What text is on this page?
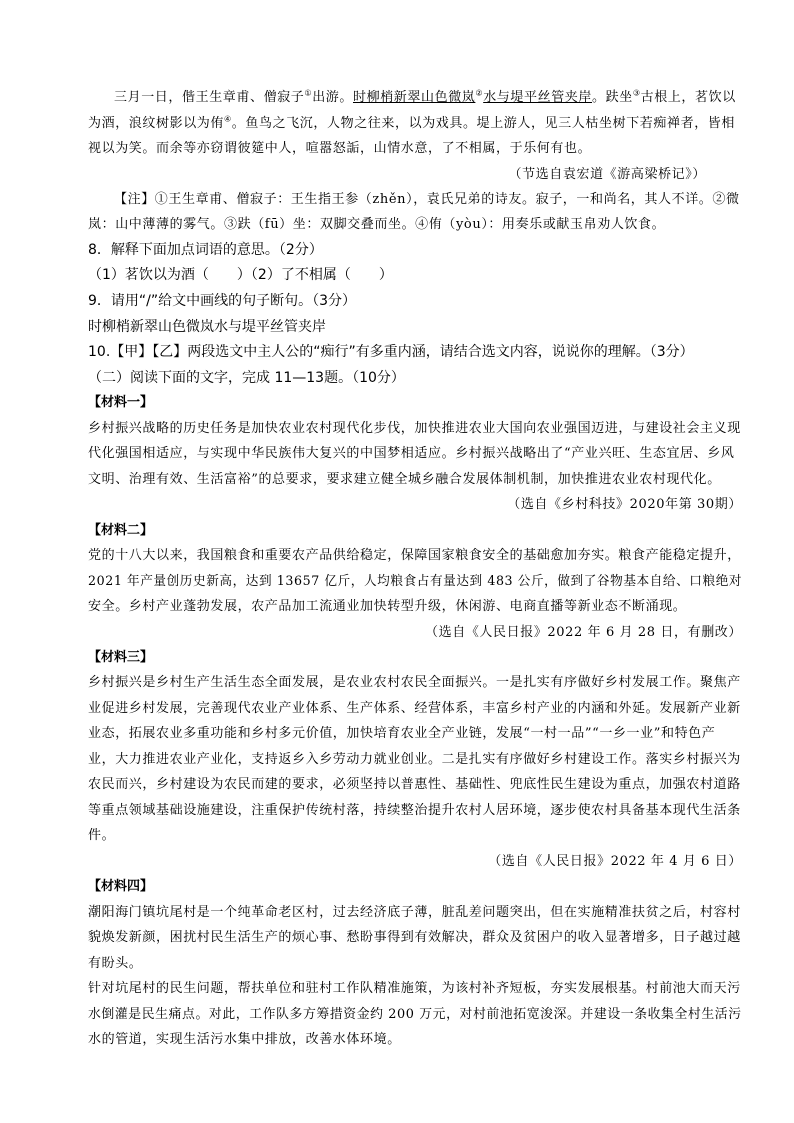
三月一日，偕王生章甫、僧寂子①出游。时柳梢新翠山色微岚②水与堤平丝管夹岸。趺坐③古根上，茗饮以
为酒，浪纹树影以为侑④。鱼鸟之飞沉，人物之往来，以为戏具。堤上游人，见三人枯坐树下若痴禅者，皆相
视以为笑。而余等亦窃谓彼筵中人，喧嚣怒詬，山情水意，了不相属，于乐何有也。
（节选自袁宏道《游高梁桥记》）
【注】①王生章甫、僧寂子：王生指王参（zhěn），袁氏兄弟的诗友。寂子，一和尚名，其人不详。②微
岚：山中薄薄的雾气。③趺（fū）坐：双脚交叠而坐。④侑（yòu）：用奏乐或献玉帛劝人饮食。
8．解释下面加点词语的意思。（2分）
（1）茗饮以为酒（　　）（2）了不相属（　　）
9．请用“/”给文中画线的句子断句。（3分）
时柳梢新翠山色微岚水与堤平丝管夹岸
10.【甲】【乙】两段选文中主人公的“痴行”有多重内涵，请结合选文内容，说说你的理解。（3分）
（二）阅读下面的文字，完成 11—13题。（10分）
【材料一】
乡村振兴战略的历史任务是加快农业农村现代化步伐，加快推进农业大国向农业强国迈进，与建设社会主义现
代化强国相适应，与实现中华民族伟大复兴的中国梦相适应。乡村振兴战略出了“产业兴旺、生态宜居、乡风
文明、治理有效、生活富裕”的总要求，要求建立健全城乡融合发展体制机制，加快推进农业农村现代化。
（选自《乡村科技》2020年第 30期）
【材料二】
党的十八大以来，我国粮食和重要农产品供给稳定，保障国家粮食安全的基础愈加夯实。粮食产能稳定提升，
2021 年产量创历史新高，达到 13657 亿斤，人均粮食占有量达到 483 公斤，做到了谷物基本自给、口粮绝对
安全。乡村产业蓬勃发展，农产品加工流通业加快转型升级，休闲游、电商直播等新业态不断涌现。
（选自《人民日报》2022 年 6 月 28 日，有删改）
【材料三】
乡村振兴是乡村生产生活生态全面发展，是农业农村农民全面振兴。一是扎实有序做好乡村发展工作。聚焦产
业促进乡村发展，完善现代农业产业体系、生产体系、经营体系，丰富乡村产业的内涵和外延。发展新产业新
业态，拓展农业多重功能和乡村多元价值，加快培育农业全产业链，发展“一村一品”“一乡一业”和特色产
业，大力推进农业产业化，支持返乡入乡劳动力就业创业。二是扎实有序做好乡村建设工作。落实乡村振兴为
农民而兴，乡村建设为农民而建的要求，必须坚持以普惠性、基础性、兜底性民生建设为重点，加强农村道路
等重点领域基础设施建设，注重保护传统村落，持续整治提升农村人居环境，逐步使农村具备基本现代生活条
件。
（选自《人民日报》2022 年 4 月 6 日）
【材料四】
潮阳海门镇坑尾村是一个纯革命老区村，过去经济底子薄，脏乱差问题突出，但在实施精准扶贫之后，村容村
貌焕发新颜，困扰村民生活生产的烦心事、愁盼事得到有效解决，群众及贫困户的收入显著增多，日子越过越
有盼头。
针对坑尾村的民生问题，帮扶单位和驻村工作队精准施策，为该村补齐短板，夯实发展根基。村前池大而天污
水倒灌是民生痛点。对此，工作队多方筹措资金约 200 万元，对村前池拓宽浚深。并建设一条收集全村生活污
水的管道，实现生活污水集中排放，改善水体环境。
